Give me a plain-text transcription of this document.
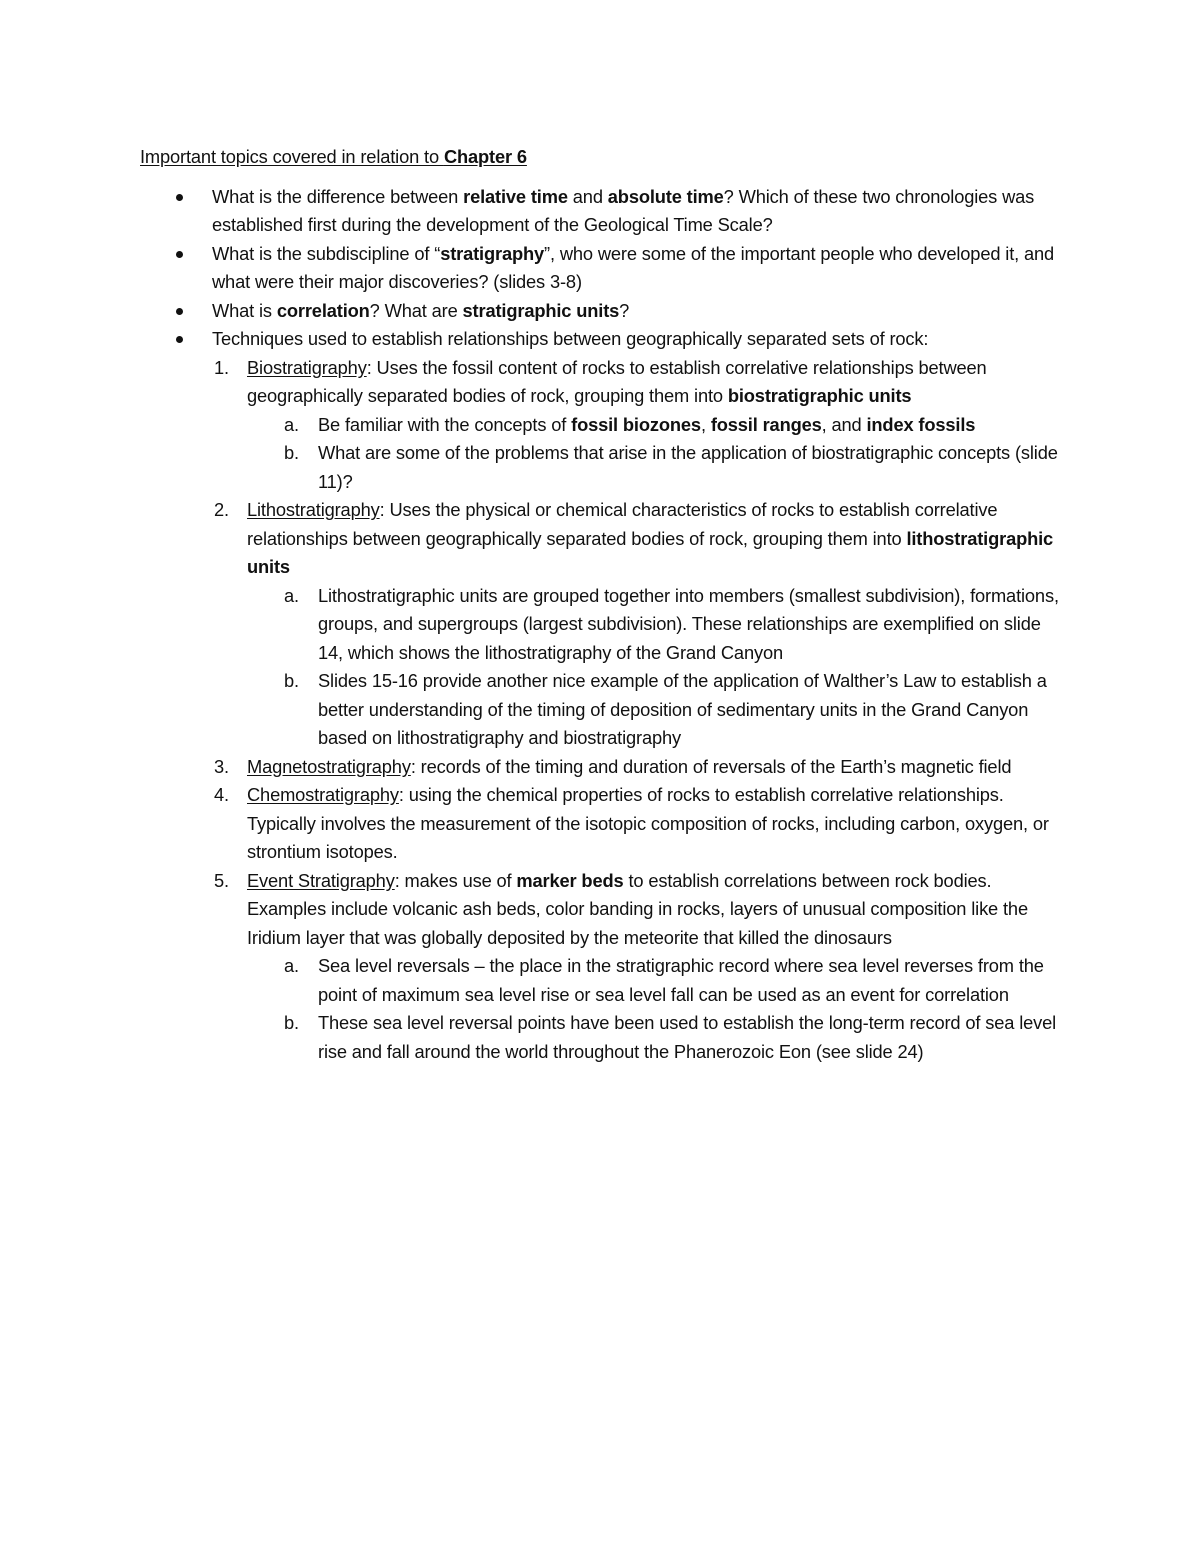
Important topics covered in relation to Chapter 6

What is the difference between relative time and absolute time? Which of these two chronologies was established first during the development of the Geological Time Scale?
What is the subdiscipline of “stratigraphy”, who were some of the important people who developed it, and what were their major discoveries? (slides 3-8)
What is correlation? What are stratigraphic units?
Techniques used to establish relationships between geographically separated sets of rock:
1. Biostratigraphy: Uses the fossil content of rocks to establish correlative relationships between geographically separated bodies of rock, grouping them into biostratigraphic units
a. Be familiar with the concepts of fossil biozones, fossil ranges, and index fossils
b. What are some of the problems that arise in the application of biostratigraphic concepts (slide 11)?
2. Lithostratigraphy: Uses the physical or chemical characteristics of rocks to establish correlative relationships between geographically separated bodies of rock, grouping them into lithostratigraphic units
a. Lithostratigraphic units are grouped together into members (smallest subdivision), formations, groups, and supergroups (largest subdivision). These relationships are exemplified on slide 14, which shows the lithostratigraphy of the Grand Canyon
b. Slides 15-16 provide another nice example of the application of Walther’s Law to establish a better understanding of the timing of deposition of sedimentary units in the Grand Canyon based on lithostratigraphy and biostratigraphy
3. Magnetostratigraphy: records of the timing and duration of reversals of the Earth’s magnetic field
4. Chemostratigraphy: using the chemical properties of rocks to establish correlative relationships. Typically involves the measurement of the isotopic composition of rocks, including carbon, oxygen, or strontium isotopes.
5. Event Stratigraphy: makes use of marker beds to establish correlations between rock bodies. Examples include volcanic ash beds, color banding in rocks, layers of unusual composition like the Iridium layer that was globally deposited by the meteorite that killed the dinosaurs
a. Sea level reversals – the place in the stratigraphic record where sea level reverses from the point of maximum sea level rise or sea level fall can be used as an event for correlation
b. These sea level reversal points have been used to establish the long-term record of sea level rise and fall around the world throughout the Phanerozoic Eon (see slide 24)
